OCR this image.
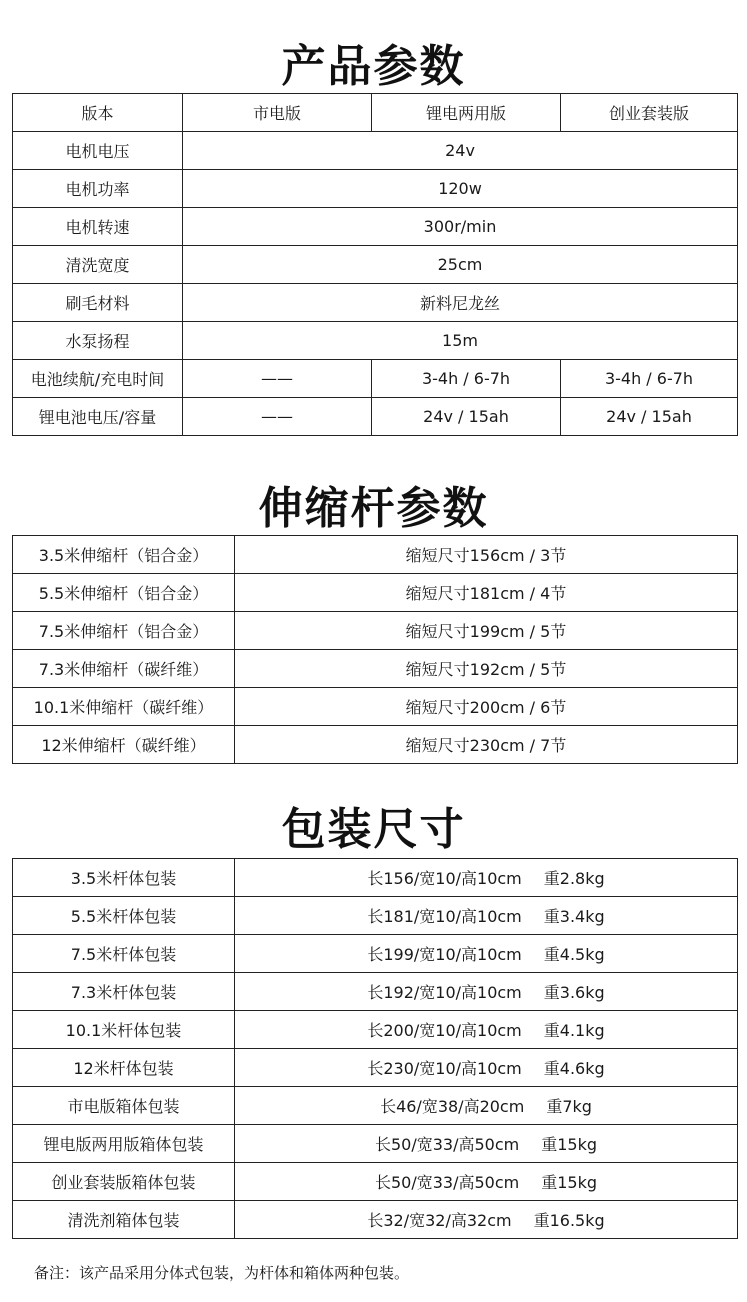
产品参数
版本	市电版	锂电两用版	创业套装版
电机电压	24v		
电机功率	120w		
电机转速	300r/min		
清洗宽度	25cm		
刷毛材料	新料尼龙丝		
水泵扬程	15m		
电池续航/充电时间	——	3-4h / 6-7h	3-4h / 6-7h
锂电池电压/容量	——	24v / 15ah	24v / 15ah
伸缩杆参数
3.5米伸缩杆（铝合金）	缩短尺寸156cm / 3节
5.5米伸缩杆（铝合金）	缩短尺寸181cm / 4节
7.5米伸缩杆（铝合金）	缩短尺寸199cm / 5节
7.3米伸缩杆（碳纤维）	缩短尺寸192cm / 5节
10.1米伸缩杆（碳纤维）	缩短尺寸200cm / 6节
12米伸缩杆（碳纤维）	缩短尺寸230cm / 7节
包装尺寸
3.5米杆体包装	长156/宽10/高10cm 重2.8kg
5.5米杆体包装	长181/宽10/高10cm 重3.4kg
7.5米杆体包装	长199/宽10/高10cm 重4.5kg
7.3米杆体包装	长192/宽10/高10cm 重3.6kg
10.1米杆体包装	长200/宽10/高10cm 重4.1kg
12米杆体包装	长230/宽10/高10cm 重4.6kg
市电版箱体包装	长46/宽38/高20cm 重7kg
锂电版两用版箱体包装	长50/宽33/高50cm 重15kg
创业套装版箱体包装	长50/宽33/高50cm 重15kg
清洗剂箱体包装	长32/宽32/高32cm 重16.5kg
备注：该产品采用分体式包装，为杆体和箱体两种包装。
